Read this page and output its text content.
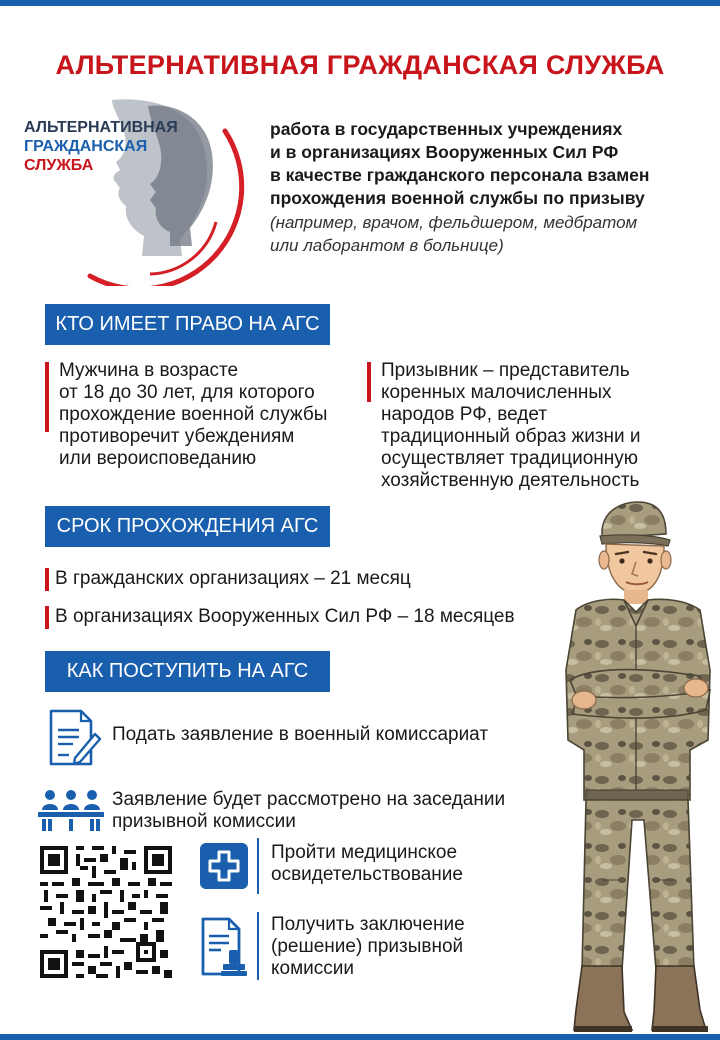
АЛЬТЕРНАТИВНАЯ ГРАЖДАНСКАЯ СЛУЖБА
АЛЬТЕРНАТИВНАЯ
ГРАЖДАНСКАЯ
СЛУЖБА
работа в государственных учреждениях
и в организациях Вооруженных Сил РФ
в качестве гражданского персонала взамен
прохождения военной службы по призыву
(например, врачом, фельдшером, медбратом
или лаборантом в больнице)
КТО ИМЕЕТ ПРАВО НА АГС
Мужчина в возрасте
от 18 до 30 лет, для которого
прохождение военной службы
противоречит убеждениям
или вероисповеданию
Призывник – представитель
коренных малочисленных
народов РФ, ведет
традиционный образ жизни и
осуществляет традиционную
хозяйственную деятельность
СРОК ПРОХОЖДЕНИЯ АГС
В гражданских организациях – 21 месяц
В организациях Вооруженных Сил РФ – 18 месяцев
КАК ПОСТУПИТЬ НА АГС
Подать заявление в военный комиссариат
Заявление будет рассмотрено на заседании
призывной комиссии
Пройти медицинское
освидетельствование
Получить заключение
(решение) призывной
комиссии
